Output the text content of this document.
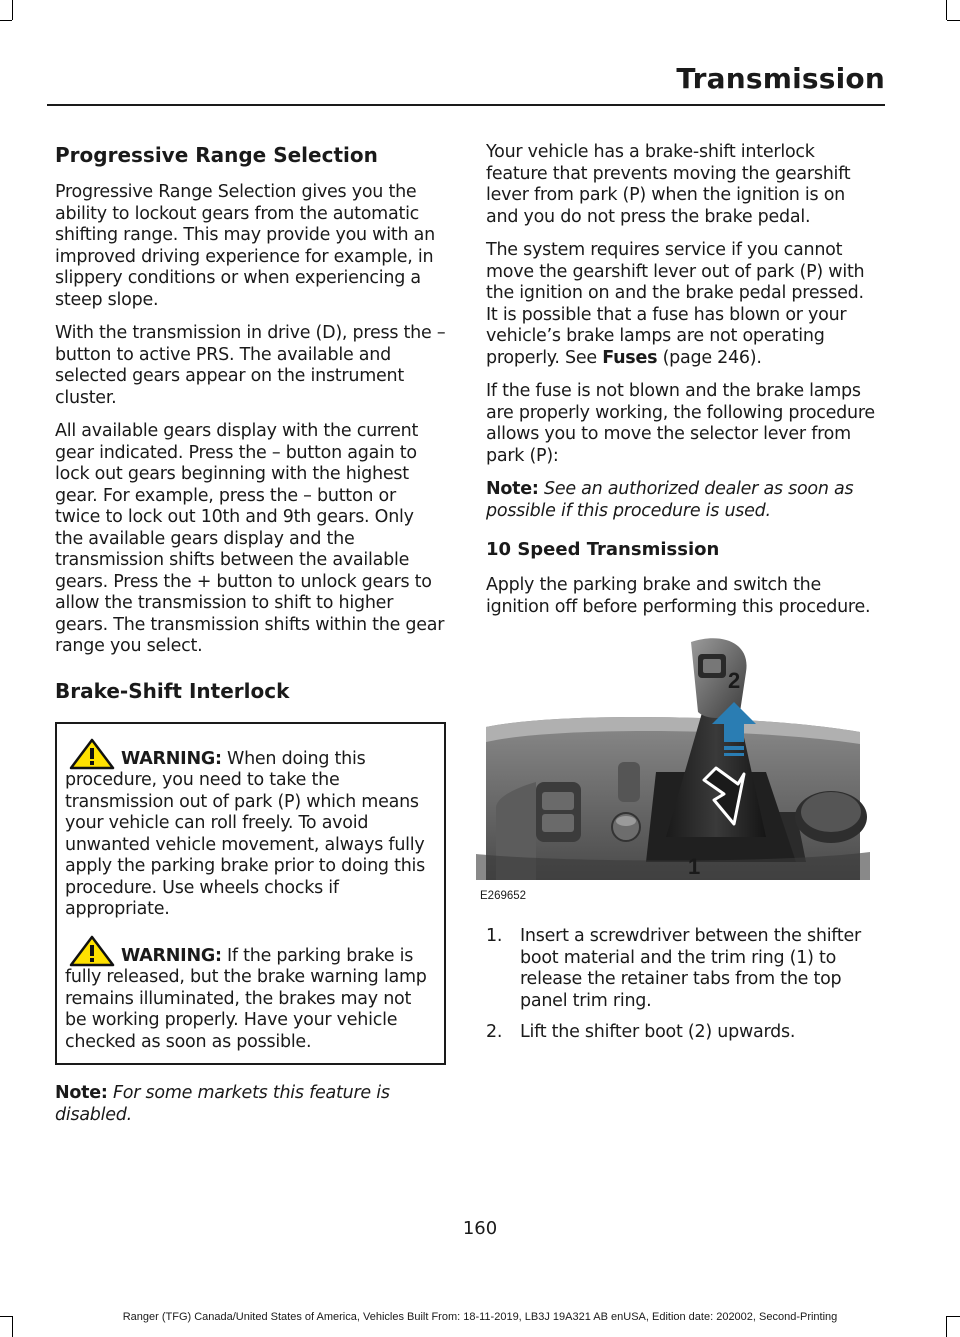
Transmission
Progressive Range Selection

Progressive Range Selection gives you the ability to lockout gears from the automatic shifting range. This may provide you with an improved driving experience for example, in slippery conditions or when experiencing a steep slope.

With the transmission in drive (D), press the – button to active PRS. The available and selected gears appear on the instrument cluster.

All available gears display with the current gear indicated. Press the – button again to lock out gears beginning with the highest gear. For example, press the – button or twice to lock out 10th and 9th gears. Only the available gears display and the transmission shifts between the available gears. Press the + button to unlock gears to allow the transmission to shift to higher gears. The transmission shifts within the gear range you select.

Brake-Shift Interlock

WARNING: When doing this procedure, you need to take the transmission out of park (P) which means your vehicle can roll freely. To avoid unwanted vehicle movement, always fully apply the parking brake prior to doing this procedure. Use wheels chocks if appropriate.

WARNING: If the parking brake is fully released, but the brake warning lamp remains illuminated, the brakes may not be working properly. Have your vehicle checked as soon as possible.

Note: For some markets this feature is disabled.

Your vehicle has a brake-shift interlock feature that prevents moving the gearshift lever from park (P) when the ignition is on and you do not press the brake pedal.

The system requires service if you cannot move the gearshift lever out of park (P) with the ignition on and the brake pedal pressed. It is possible that a fuse has blown or your vehicle’s brake lamps are not operating properly. See Fuses (page 246).

If the fuse is not blown and the brake lamps are properly working, the following procedure allows you to move the selector lever from park (P):

Note: See an authorized dealer as soon as possible if this procedure is used.

10 Speed Transmission

Apply the parking brake and switch the ignition off before performing this procedure.

2
1
E269652
1. Insert a screwdriver between the shifter boot material and the trim ring (1) to release the retainer tabs from the top panel trim ring.
2. Lift the shifter boot (2) upwards.
160
Ranger (TFG) Canada/United States of America, Vehicles Built From: 18-11-2019, LB3J 19A321 AB enUSA, Edition date: 202002, Second-Printing
